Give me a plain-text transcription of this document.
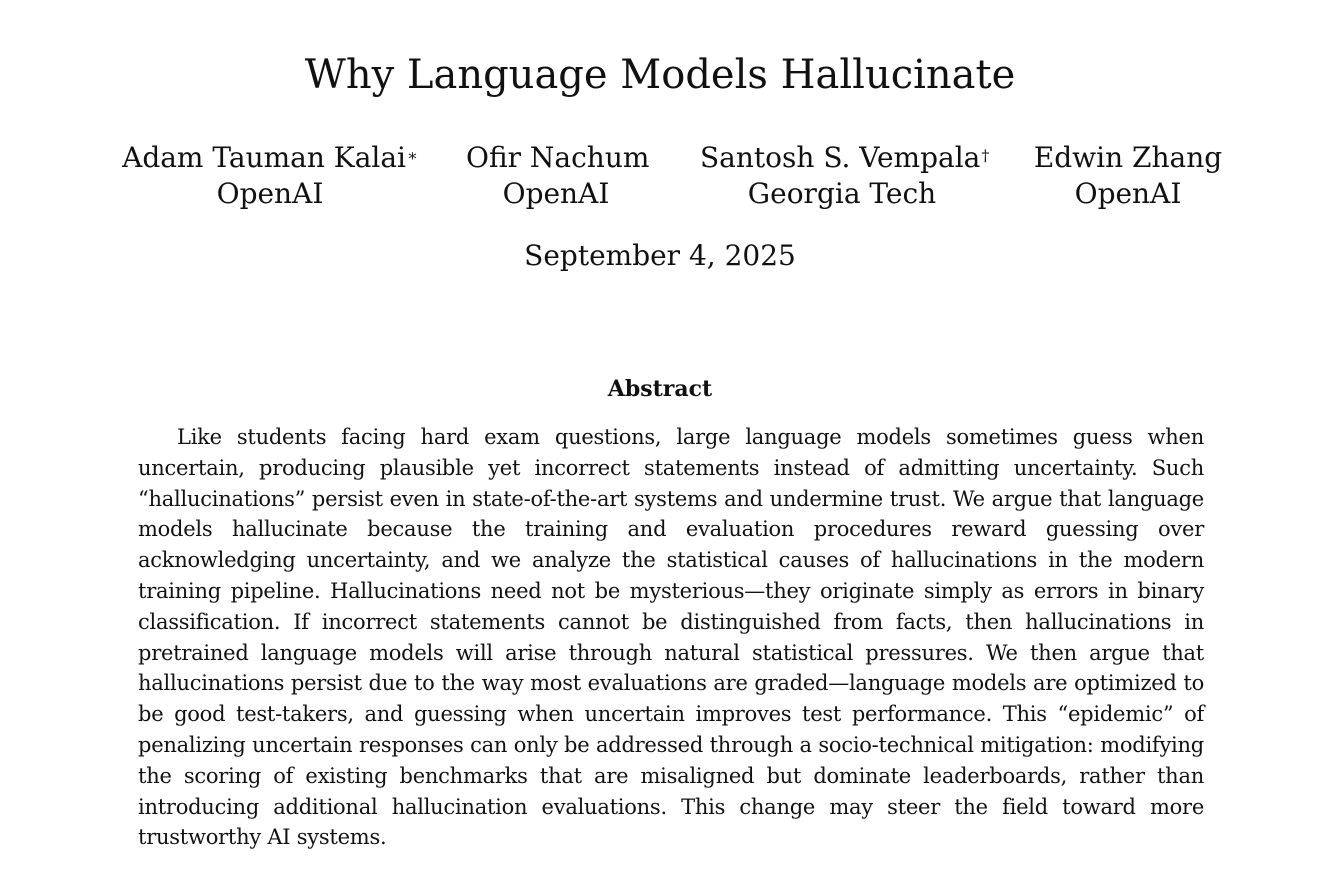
Why Language Models Hallucinate
Adam Tauman Kalai∗
OpenAI
Ofir Nachum
OpenAI
Santosh S. Vempala†
Georgia Tech
Edwin Zhang
OpenAI
September 4, 2025
Abstract

Like students facing hard exam questions, large language models sometimes guess when uncertain, producing plausible yet incorrect statements instead of admitting uncertainty. Such “hallucinations” persist even in state-of-the-art systems and undermine trust. We argue that language models hallucinate because the training and evaluation procedures reward guessing over acknowledging uncertainty, and we analyze the statistical causes of hallucinations in the modern training pipeline. Hallucinations need not be mysterious—they originate simply as errors in binary classification. If incorrect statements cannot be distinguished from facts, then hallucinations in pretrained language models will arise through natural statistical pressures. We then argue that hallucinations persist due to the way most evaluations are graded—language models are optimized to be good test-takers, and guessing when uncertain improves test performance. This “epidemic” of penalizing uncertain responses can only be addressed through a socio-technical mitigation: modifying the scoring of existing benchmarks that are misaligned but dominate leaderboards, rather than introducing additional hallucination evaluations. This change may steer the field toward more trustworthy AI systems.
